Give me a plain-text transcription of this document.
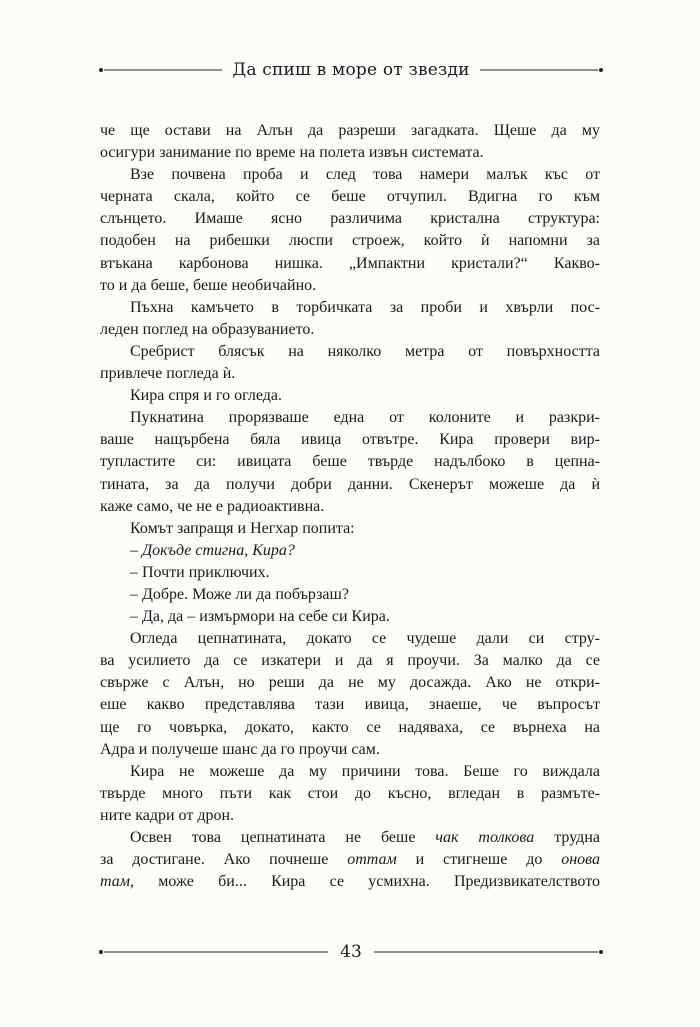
Да спиш в море от звезди
че ще остави на Алън да разреши загадката. Щеше да му
осигури занимание по време на полета извън системата.
Взе почвена проба и след това намери малък къс от
черната скала, който се беше отчупил. Вдигна го към
слънцето. Имаше ясно различима кристална структура:
подобен на рибешки люспи строеж, който ѝ напомни за
втъкана карбонова нишка. „Импактни кристали?“ Какво-
то и да беше, беше необичайно.
Пъхна камъчето в торбичката за проби и хвърли пос-
леден поглед на образуванието.
Сребрист блясък на няколко метра от повърхността
привлече погледа ѝ.
Кира спря и го огледа.
Пукнатина прорязваше една от колоните и разкри-
ваше нащърбена бяла ивица отвътре. Кира провери вир-
тупластите си: ивицата беше твърде надълбоко в цепна-
тината, за да получи добри данни. Скенерът можеше да ѝ
каже само, че не е радиоактивна.
Комът запращя и Негхар попита:
– Докъде стигна, Кира?
– Почти приключих.
– Добре. Може ли да побързаш?
– Да, да – измърмори на себе си Кира.
Огледа цепнатината, докато се чудеше дали си стру-
ва усилието да се изкатери и да я проучи. За малко да се
свърже с Алън, но реши да не му досажда. Ако не откри-
еше какво представлява тази ивица, знаеше, че въпросът
ще го човърка, докато, както се надяваха, се върнеха на
Адра и получеше шанс да го проучи сам.
Кира не можеше да му причини това. Беше го виждала
твърде много пъти как стои до късно, вгледан в размъте-
ните кадри от дрон.
Освен това цепнатината не беше чак толкова трудна
за достигане. Ако почнеше оттам и стигнеше до онова
там, може би... Кира се усмихна. Предизвикателството
43
